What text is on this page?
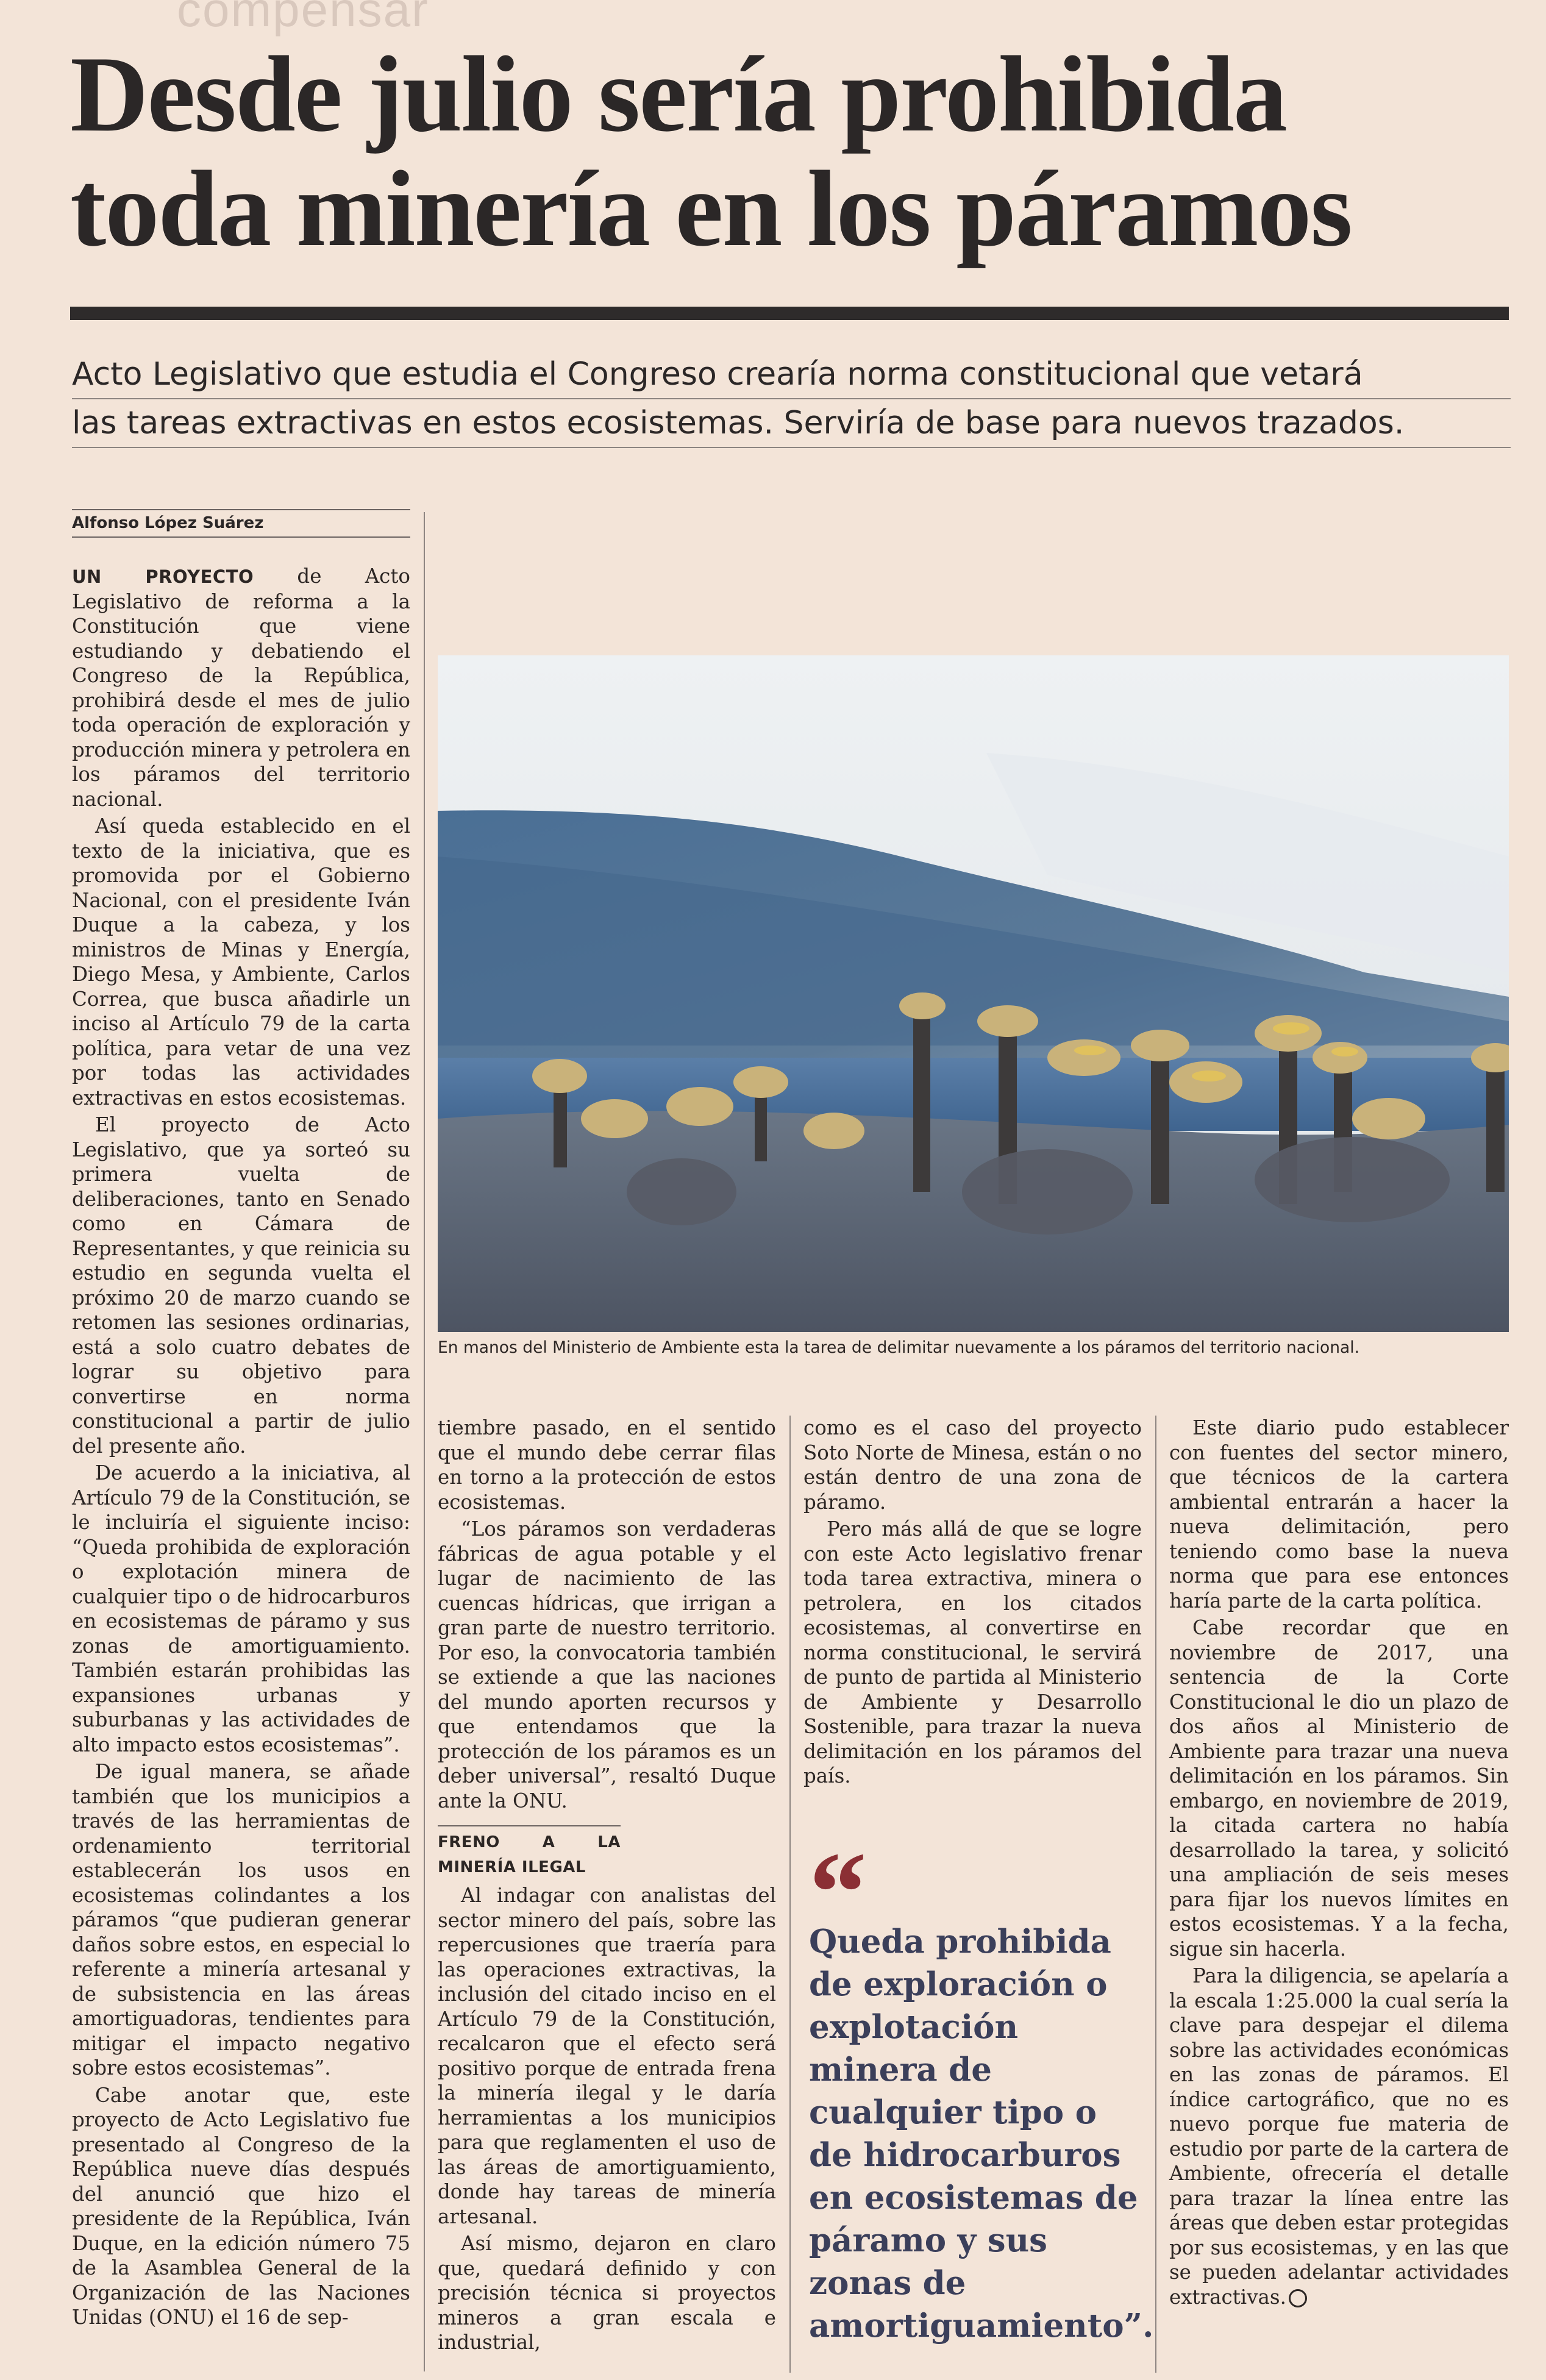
compensar
Desde julio sería prohibida
toda minería en los páramos
Acto Legislativo que estudia el Congreso crearía norma constitucional que vetará
las tareas extractivas en estos ecosistemas. Serviría de base para nuevos trazados.
Alfonso López Suárez

UN PROYECTO de Acto Legislativo de reforma a la Constitución que viene estudiando y debatiendo el Congreso de la República, prohibirá desde el mes de julio toda operación de exploración y producción minera y petrolera en los páramos del territorio nacional.

Así queda establecido en el texto de la iniciativa, que es promovida por el Gobierno Nacional, con el presidente Iván Duque a la cabeza, y los ministros de Minas y Energía, Diego Mesa, y Ambiente, Carlos Correa, que busca añadirle un inciso al Artículo 79 de la carta política, para vetar de una vez por todas las actividades extractivas en estos ecosistemas.

El proyecto de Acto Legislativo, que ya sorteó su primera vuelta de deliberaciones, tanto en Senado como en Cámara de Representantes, y que reinicia su estudio en segunda vuelta el próximo 20 de marzo cuando se retomen las sesiones ordinarias, está a solo cuatro debates de lograr su objetivo para convertirse en norma constitucional a partir de julio del presente año.

De acuerdo a la iniciativa, al Artículo 79 de la Constitución, se le incluiría el siguiente inciso: “Queda prohibida de exploración o explotación minera de cualquier tipo o de hidrocarburos en ecosistemas de páramo y sus zonas de amortiguamiento. También estarán prohibidas las expansiones urbanas y suburbanas y las actividades de alto impacto estos ecosistemas”.

De igual manera, se añade también que los municipios a través de las herramientas de ordenamiento territorial establecerán los usos en ecosistemas colindantes a los páramos “que pudieran generar daños sobre estos, en especial lo referente a minería artesanal y de subsistencia en las áreas amortiguadoras, tendientes para mitigar el impacto negativo sobre estos ecosistemas”.

Cabe anotar que, este proyecto de Acto Legislativo fue presentado al Congreso de la República nueve días después del anunció que hizo el presidente de la República, Iván Duque, en la edición número 75 de la Asamblea General de la Organización de las Naciones Unidas (ONU) el 16 de sep-

En manos del Ministerio de Ambiente esta la tarea de delimitar nuevamente a los páramos del territorio nacional.

tiembre pasado, en el sentido que el mundo debe cerrar filas en torno a la protección de estos ecosistemas.

“Los páramos son verdaderas fábricas de agua potable y el lugar de nacimiento de las cuencas hídricas, que irrigan a gran parte de nuestro territorio. Por eso, la convocatoria también se extiende a que las naciones del mundo aporten recursos y que entendamos que la protección de los páramos es un deber universal”, resaltó Duque ante la ONU.

FRENO A LA MINERÍA ILEGAL

Al indagar con analistas del sector minero del país, sobre las repercusiones que traería para las operaciones extractivas, la inclusión del citado inciso en el Artículo 79 de la Constitución, recalcaron que el efecto será positivo porque de entrada frena la minería ilegal y le daría herramientas a los municipios para que reglamenten el uso de las áreas de amortiguamiento, donde hay tareas de minería artesanal.

Así mismo, dejaron en claro que, quedará definido y con precisión técnica si proyectos mineros a gran escala e industrial,

como es el caso del proyecto Soto Norte de Minesa, están o no están dentro de una zona de páramo.

Pero más allá de que se logre con este Acto legislativo frenar toda tarea extractiva, minera o petrolera, en los citados ecosistemas, al convertirse en norma constitucional, le servirá de punto de partida al Ministerio de Ambiente y Desarrollo Sostenible, para trazar la nueva delimitación en los páramos del país.

“
Queda prohibida de exploración o explotación minera de cualquier tipo o de hidrocarburos en ecosistemas de páramo y sus zonas de amortiguamiento”.

Este diario pudo establecer con fuentes del sector minero, que técnicos de la cartera ambiental entrarán a hacer la nueva delimitación, pero teniendo como base la nueva norma que para ese entonces haría parte de la carta política.

Cabe recordar que en noviembre de 2017, una sentencia de la Corte Constitucional le dio un plazo de dos años al Ministerio de Ambiente para trazar una nueva delimitación en los páramos. Sin embargo, en noviembre de 2019, la citada cartera no había desarrollado la tarea, y solicitó una ampliación de seis meses para fijar los nuevos límites en estos ecosistemas. Y a la fecha, sigue sin hacerla.

Para la diligencia, se apelaría a la escala 1:25.000 la cual sería la clave para despejar el dilema sobre las actividades económicas en las zonas de páramos. El índice cartográfico, que no es nuevo porque fue materia de estudio por parte de la cartera de Ambiente, ofrecería el detalle para trazar la línea entre las áreas que deben estar protegidas por sus ecosistemas, y en las que se pueden adelantar actividades extractivas.
